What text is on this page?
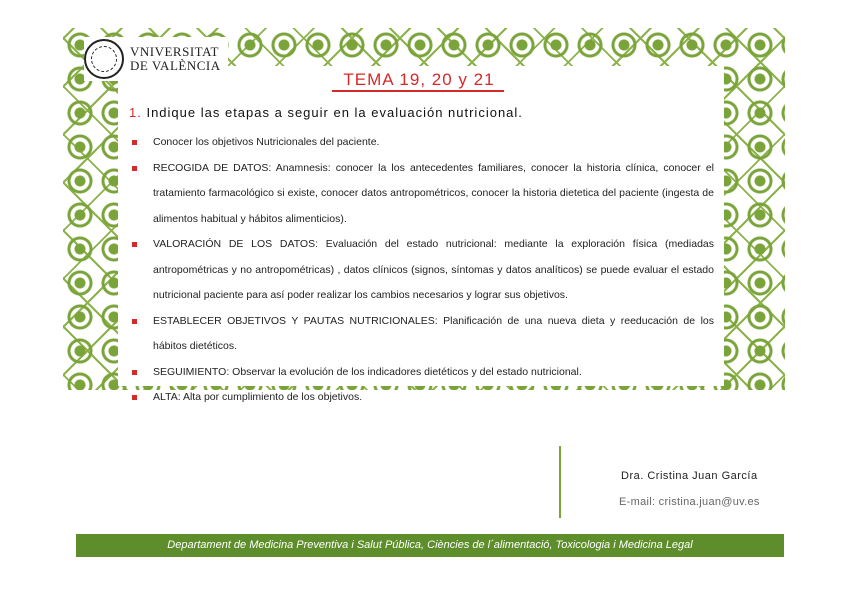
VNIVERSITAT
DE VALÈNCIA
TEMA 19, 20 y 21
1. Indique las etapas a seguir en la evaluación nutricional.
Conocer los objetivos Nutricionales del paciente.
RECOGIDA DE DATOS: Anamnesis: conocer la los antecedentes familiares, conocer la historia clínica, conocer el tratamiento farmacológico si existe, conocer datos antropométricos, conocer la historia dietetica del paciente (ingesta de alimentos habitual y hábitos alimenticios).
VALORACIÓN DE LOS DATOS: Evaluación del estado nutricional: mediante la exploración física (mediadas antropométricas y no antropométricas) , datos clínicos (signos, síntomas y datos analíticos) se puede evaluar el estado nutricional paciente para así poder realizar los cambios necesarios y lograr sus objetivos.
ESTABLECER OBJETIVOS Y PAUTAS NUTRICIONALES: Planificación de una nueva dieta y reeducación de los hábitos dietéticos.
SEGUIMIENTO: Observar la evolución de los indicadores dietéticos y del estado nutricional.
ALTA: Alta por cumplimiento de los objetivos.
Dra. Cristina Juan García
E-mail: cristina.juan@uv.es
Departament de Medicina Preventiva i Salut Pública, Ciències de l´alimentació, Toxicologia i Medicina Legal
